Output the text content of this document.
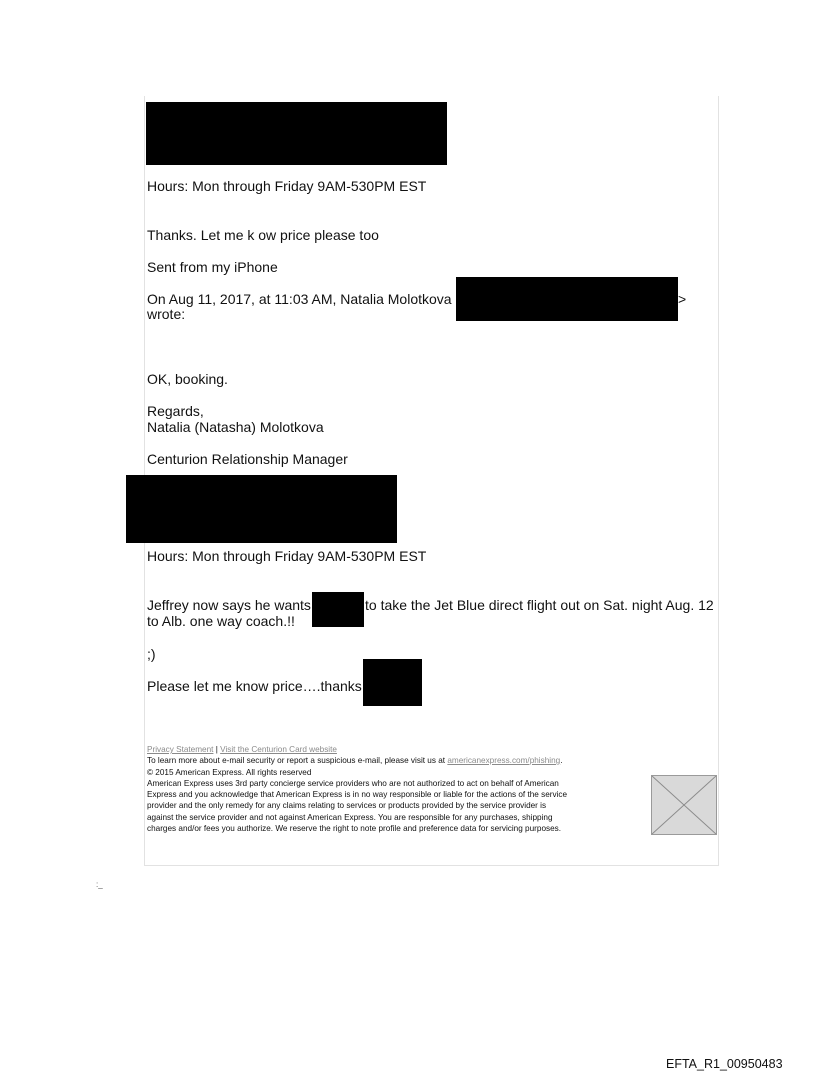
Hours: Mon through Friday 9AM-530PM EST
Thanks. Let me k ow price please too
Sent from my iPhone
On Aug 11, 2017, at 11:03 AM, Natalia Molotkova	>
wrote:
OK, booking.
Regards,
Natalia (Natasha) Molotkova
Centurion Relationship Manager
Hours: Mon through Friday 9AM-530PM EST
Jeffrey now says he wants	to take the Jet Blue direct flight out on Sat. night Aug. 12
to Alb. one way coach.!!
;)
Please let me know price….thanks
Privacy Statement | Visit the Centurion Card website
To learn more about e-mail security or report a suspicious e-mail, please visit us at americanexpress.com/phishing.
© 2015 American Express. All rights reserved
American Express uses 3rd party concierge service providers who are not authorized to act on behalf of American
Express and you acknowledge that American Express is in no way responsible or liable for the actions of the service
provider and the only remedy for any claims relating to services or products provided by the service provider is
against the service provider and not against American Express. You are responsible for any purchases, shipping
charges and/or fees you authorize. We reserve the right to note profile and preference data for servicing purposes.
:_
EFTA_R1_00950483
